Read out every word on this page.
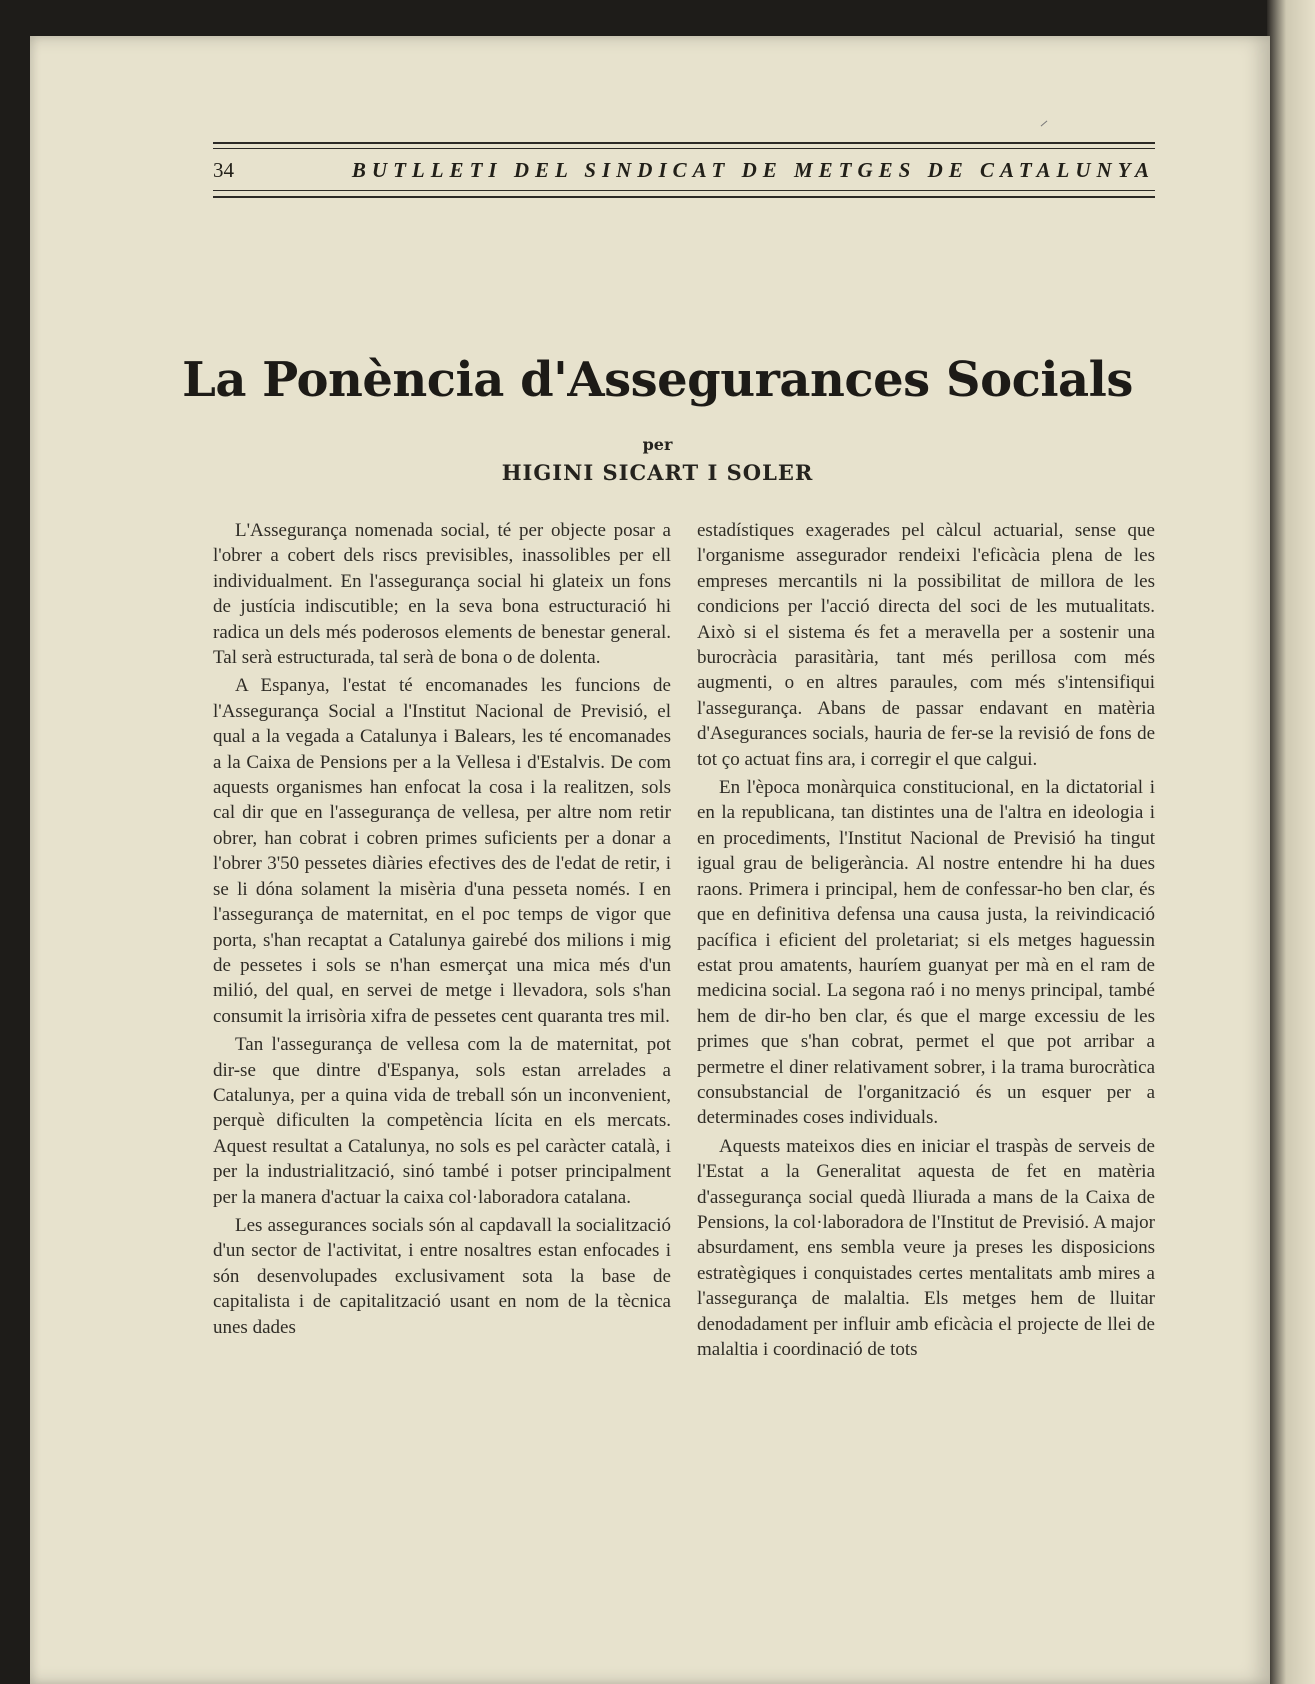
34	BUTLLETI DEL SINDICAT DE METGES DE CATALUNYA
La Ponència d'Assegurances Socials
per
HIGINI SICART I SOLER

L'Assegurança nomenada social, té per objecte posar a l'obrer a cobert dels riscs previsibles, inassolibles per ell individualment. En l'assegurança social hi glateix un fons de justícia indiscutible; en la seva bona estructuració hi radica un dels més poderosos elements de benestar general. Tal serà estructurada, tal serà de bona o de dolenta.

A Espanya, l'estat té encomanades les funcions de l'Assegurança Social a l'Institut Nacional de Previsió, el qual a la vegada a Catalunya i Balears, les té encomanades a la Caixa de Pensions per a la Vellesa i d'Estalvis. De com aquests organismes han enfocat la cosa i la realitzen, sols cal dir que en l'assegurança de vellesa, per altre nom retir obrer, han cobrat i cobren primes suficients per a donar a l'obrer 3'50 pessetes diàries efectives des de l'edat de retir, i se li dóna solament la misèria d'una pesseta només. I en l'assegurança de maternitat, en el poc temps de vigor que porta, s'han recaptat a Catalunya gairebé dos milions i mig de pessetes i sols se n'han esmerçat una mica més d'un milió, del qual, en servei de metge i llevadora, sols s'han consumit la irrisòria xifra de pessetes cent quaranta tres mil.

Tan l'assegurança de vellesa com la de maternitat, pot dir-se que dintre d'Espanya, sols estan arrelades a Catalunya, per a quina vida de treball són un inconvenient, perquè dificulten la competència lícita en els mercats. Aquest resultat a Catalunya, no sols es pel caràcter català, i per la industrialització, sinó també i potser principalment per la manera d'actuar la caixa col·laboradora catalana.

Les assegurances socials són al capdavall la socialització d'un sector de l'activitat, i entre nosaltres estan enfocades i són desenvolupades exclusivament sota la base de capitalista i de capitalització usant en nom de la tècnica unes dades

estadístiques exagerades pel càlcul actuarial, sense que l'organisme assegurador rendeixi l'eficàcia plena de les empreses mercantils ni la possibilitat de millora de les condicions per l'acció directa del soci de les mutualitats. Això si el sistema és fet a meravella per a sostenir una burocràcia parasitària, tant més perillosa com més augmenti, o en altres paraules, com més s'intensifiqui l'assegurança. Abans de passar endavant en matèria d'Asegurances socials, hauria de fer-se la revisió de fons de tot ço actuat fins ara, i corregir el que calgui.

En l'època monàrquica constitucional, en la dictatorial i en la republicana, tan distintes una de l'altra en ideologia i en procediments, l'Institut Nacional de Previsió ha tingut igual grau de beligerància. Al nostre entendre hi ha dues raons. Primera i principal, hem de confessar-ho ben clar, és que en definitiva defensa una causa justa, la reivindicació pacífica i eficient del proletariat; si els metges haguessin estat prou amatents, hauríem guanyat per mà en el ram de medicina social. La segona raó i no menys principal, també hem de dir-ho ben clar, és que el marge excessiu de les primes que s'han cobrat, permet el que pot arribar a permetre el diner relativament sobrer, i la trama burocràtica consubstancial de l'organització és un esquer per a determinades coses individuals.

Aquests mateixos dies en iniciar el traspàs de serveis de l'Estat a la Generalitat aquesta de fet en matèria d'assegurança social quedà lliurada a mans de la Caixa de Pensions, la col·laboradora de l'Institut de Previsió. A major absurdament, ens sembla veure ja preses les disposicions estratègiques i conquistades certes mentalitats amb mires a l'assegurança de malaltia. Els metges hem de lluitar denodadament per influir amb eficàcia el projecte de llei de malaltia i coordinació de tots
